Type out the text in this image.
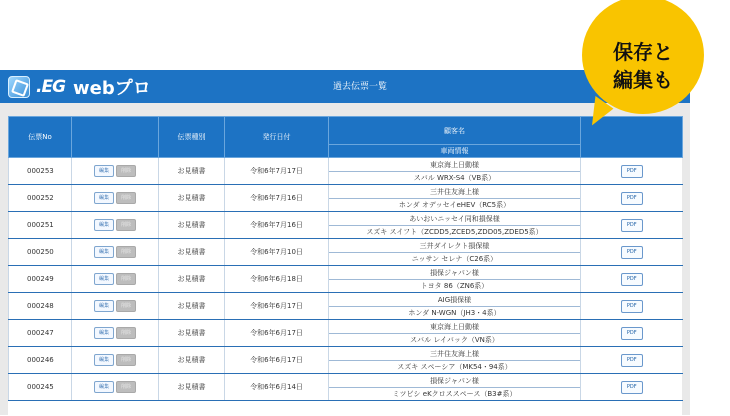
.EG webプロ	過去伝票一覧
伝票No		伝票種別	発行日付	顧客名	
				車両情報	
000253	編集 削除	お見積書	令和6年7月17日	東京海上日動様
スバル WRX-S4（VB系）	PDF
000252	編集 削除	お見積書	令和6年7月16日	三井住友海上様
ホンダ オデッセイeHEV（RC5系）	PDF
000251	編集 削除	お見積書	令和6年7月16日	あいおいニッセイ同和損保様
スズキ スイフト（ZCDD5,ZCED5,ZDD05,ZDED5系）	PDF
000250	編集 削除	お見積書	令和6年7月10日	三井ダイレクト損保様
ニッサン セレナ（C26系）	PDF
000249	編集 削除	お見積書	令和6年6月18日	損保ジャパン様
トヨタ 86（ZN6系）	PDF
000248	編集 削除	お見積書	令和6年6月17日	AIG損保様
ホンダ N-WGN（JH3・4系）	PDF
000247	編集 削除	お見積書	令和6年6月17日	東京海上日動様
スバル レイバック（VN系）	PDF
000246	編集 削除	お見積書	令和6年6月17日	三井住友海上様
スズキ スペーシア（MK54・94系）	PDF
000245	編集 削除	お見積書	令和6年6月14日	損保ジャパン様
ミツビシ eKクロススペース（B3#系）	PDF
保存と
編集も
